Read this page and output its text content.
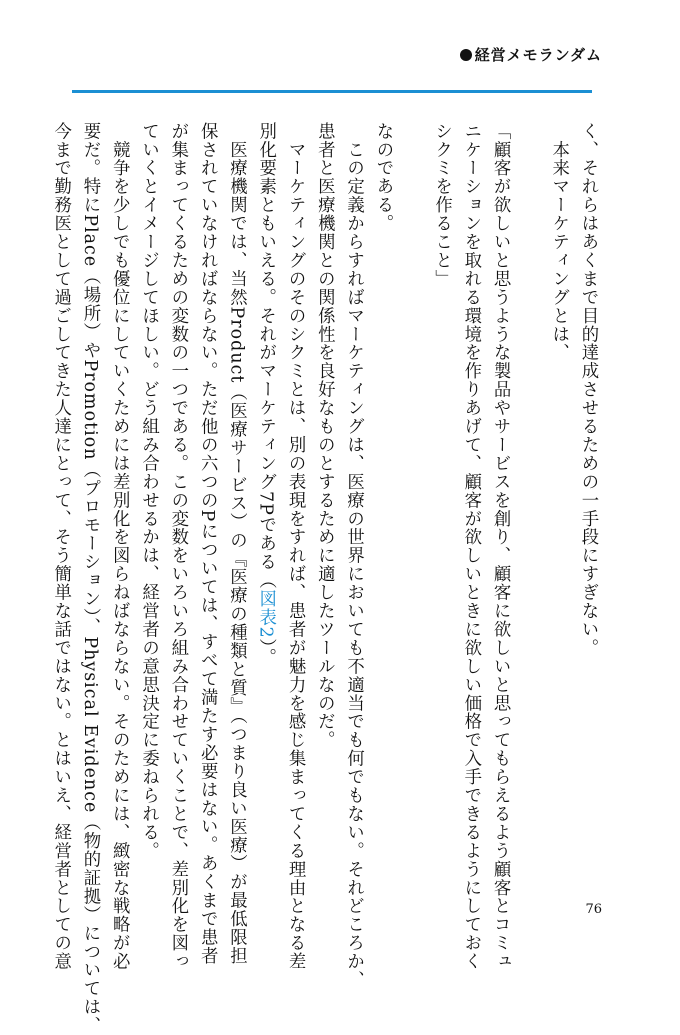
経営メモランダム
く、それらはあくまで目的達成させるための一手段にすぎない。
　本来マーケティングとは、
「顧客が欲しいと思うような製品やサービスを創り、顧客に欲しいと思ってもらえるよう顧客とコミュ
ニケーションを取れる環境を作りあげて、顧客が欲しいときに欲しい価格で入手できるようにしておく
シクミを作ること」
なのである。
　この定義からすればマーケティングは、医療の世界においても不適当でも何でもない。それどころか、
患者と医療機関との関係性を良好なものとするために適したツールなのだ。
　マーケティングのそのシクミとは、別の表現をすれば、患者が魅力を感じ集まってくる理由となる差
別化要素ともいえる。それがマーケティング7Pである（図表2）。
　医療機関では、当然Product（医療サービス）の『医療の種類と質』（つまり良い医療）が最低限担
保されていなければならない。ただ他の六つのPについては、すべて満たす必要はない。あくまで患者
が集まってくるための変数の一つである。この変数をいろいろ組み合わせていくことで、差別化を図っ
ていくとイメージしてほしい。どう組み合わせるかは、経営者の意思決定に委ねられる。
　競争を少しでも優位にしていくためには差別化を図らねばならない。そのためには、緻密な戦略が必
要だ。特にPlace（場所）やPromotion（プロモーション）、Physical Evidence（物的証拠）については、
今まで勤務医として過ごしてきた人達にとって、そう簡単な話ではない。とはいえ、経営者としての意	76
